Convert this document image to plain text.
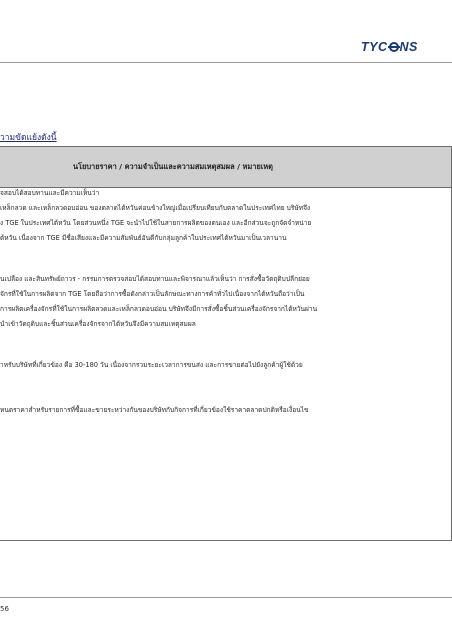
TYC NS
วามขัดแย้งดังนี้
นโยบายราคา / ความจำเป็นและความสมเหตุสมผล / หมายเหตุ
จสอบได้สอบทานและมีความเห็นว่า
เหล็กลวด และเหล็กลวดอบอ่อน ของตลาดไต้หวันค่อนข้างใหญ่เมื่อเปรียบเทียบกับตลาดในประเทศไทย บริษัทจึง
ง TGE ในประเทศไต้หวัน โดยส่วนหนึ่ง TGE จะนำไปใช้ในสายการผลิตของตนเอง และอีกส่วนจะถูกจัดจำหน่าย
ต้หวัน เนื่องจาก TGE มีชื่อเสียงและมีความสัมพันธ์อันดีกับกลุ่มลูกค้าในประเทศไต้หวันมาเป็นเวลานาน
นเปลือง และสินทรัพย์ถาวร - กรรมการตรวจสอบได้สอบทานและพิจารณาแล้วเห็นว่า การสั่งซื้อวัตถุดิบปลีกย่อย
จักรที่ใช้ในการผลิตจาก TGE โดยถือว่าการซื้อดังกล่าวเป็นลักษณะทางการค้าทั่วไปเนื่องจากไต้หวันถือว่าเป็น
การผลิตเครื่องจักรที่ใช้ในการผลิตลวดและเหล็กลวดอบอ่อน บริษัทจึงมีการสั่งซื้อชิ้นส่วนเครื่องจักรจากไต้หวันผ่าน
นำเข้าวัตถุดิบและชิ้นส่วนเครื่องจักรจากไต้หวันจึงมีความสมเหตุสมผล
ำหรับบริษัทที่เกี่ยวข้อง คือ 30-180 วัน เนื่องจากรวมระยะเวลาการขนส่ง และการขายต่อไปยังลูกค้าผู้ใช้ด้วย
หนดราคาสำหรับรายการที่ซื้อและขายระหว่างกันของบริษัทกับกิจการที่เกี่ยวข้องใช้ราคาตลาดปกติหรือเงื่อนไข
56
